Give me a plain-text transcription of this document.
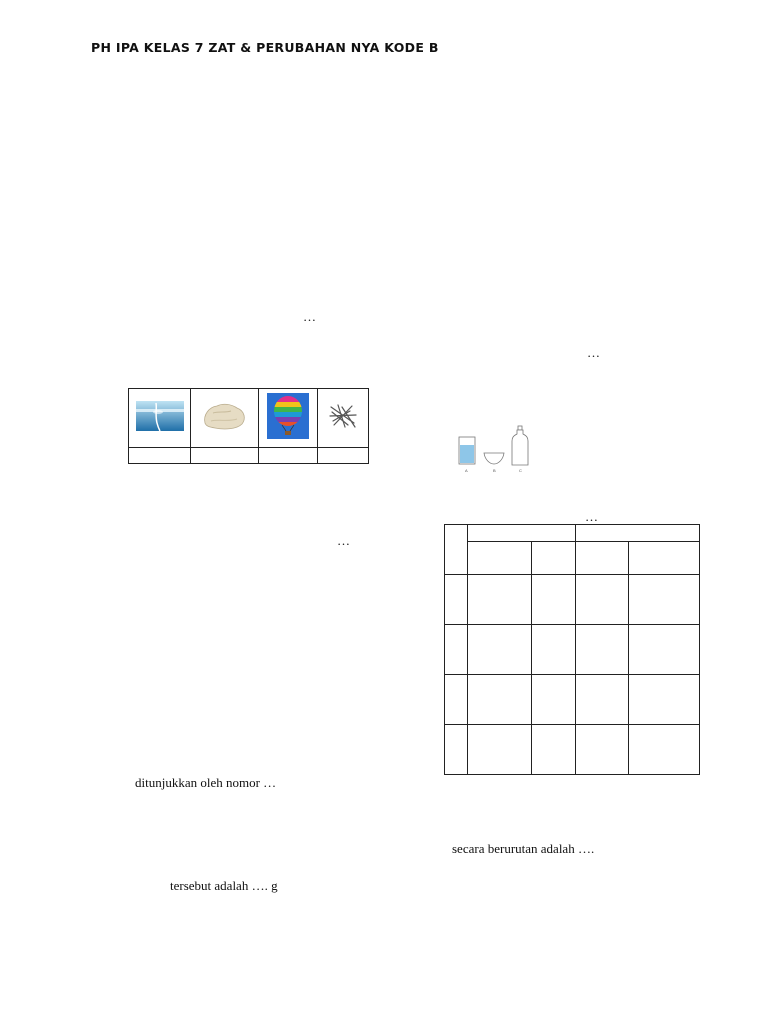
PH IPA KELAS 7 ZAT & PERUBAHAN NYA KODE B
…

…
ditunjukkan oleh nomor …
tersebut adalah …. g
…
A	B	C
…

secara berurutan adalah ….
